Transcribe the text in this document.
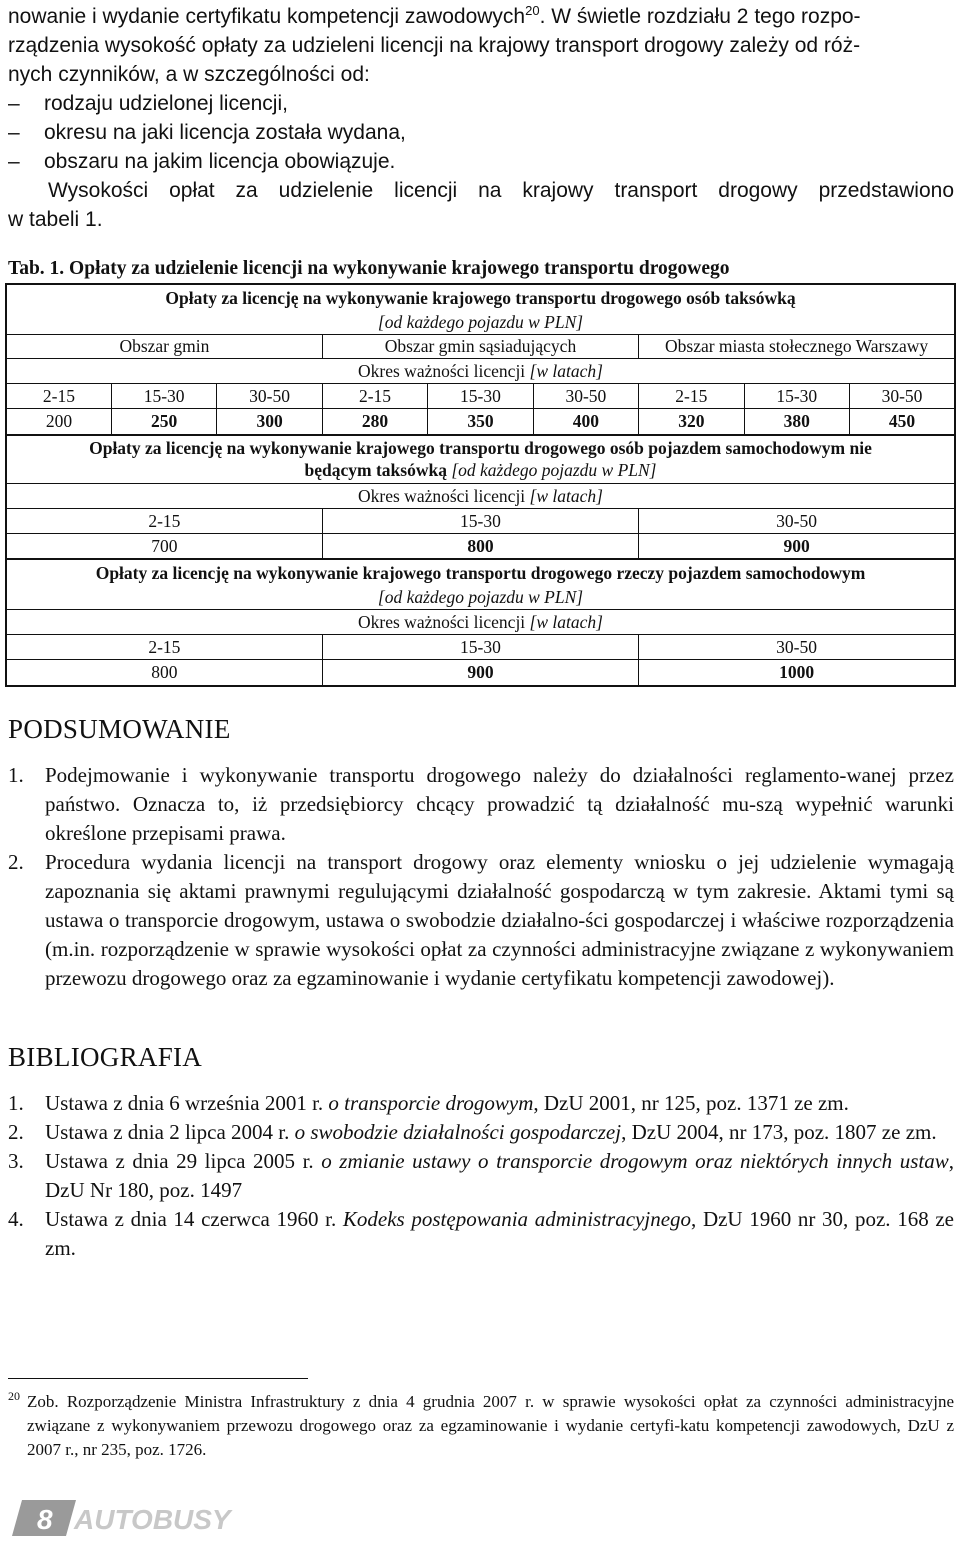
nowanie i wydanie certyfikatu kompetencji zawodowych$^{20}$. W świetle rozdziału 2 tego rozpo-
rządzenia wysokość opłaty za udzieleni licencji na krajowy transport drogowy zależy od róż-
nych czynników, a w szczególności od:
– rodzaju udzielonej licencji,
– okresu na jaki licencja została wydana,
– obszaru na jakim licencja obowiązuje.
Wysokości opłat za udzielenie licencji na krajowy transport drogowy przedstawiono
w tabeli 1.
Tab. 1. Opłaty za udzielenie licencji na wykonywanie krajowego transportu drogowego
Opłaty za licencję na wykonywanie krajowego transportu drogowego osób taksówką								
[od każdego pojazdu w PLN]								
Obszar gmin			Obszar gmin sąsiadujących			Obszar miasta stołecznego Warszawy		
Okres ważności licencji [w latach]								
2-15	15-30	30-50	2-15	15-30	30-50	2-15	15-30	30-50
200	250	300	280	350	400	320	380	450
Opłaty za licencję na wykonywanie krajowego transportu drogowego osób pojazdem samochodowym nie
będącym taksówką [od każdego pojazdu w PLN]								
Okres ważności licencji [w latach]								
2-15			15-30			30-50		
700			800			900		
Opłaty za licencję na wykonywanie krajowego transportu drogowego rzeczy pojazdem samochodowym								
[od każdego pojazdu w PLN]								
Okres ważności licencji [w latach]								
2-15			15-30			30-50		
800			900			1000		
PODSUMOWANIE
1. Podejmowanie i wykonywanie transportu drogowego należy do działalności reglamento-wanej przez państwo. Oznacza to, iż przedsiębiorcy chcący prowadzić tą działalność mu-szą wypełnić warunki określone przepisami prawa.
2. Procedura wydania licencji na transport drogowy oraz elementy wniosku o jej udzielenie wymagają zapoznania się aktami prawnymi regulującymi działalność gospodarczą w tym zakresie. Aktami tymi są ustawa o transporcie drogowym, ustawa o swobodzie działalno-ści gospodarczej i właściwe rozporządzenia (m.in. rozporządzenie w sprawie wysokości opłat za czynności administracyjne związane z wykonywaniem przewozu drogowego oraz za egzaminowanie i wydanie certyfikatu kompetencji zawodowej).
BIBLIOGRAFIA
1. Ustawa z dnia 6 września 2001 r. o transporcie drogowym, DzU 2001, nr 125, poz. 1371 ze zm.
2. Ustawa z dnia 2 lipca 2004 r. o swobodzie działalności gospodarczej, DzU 2004, nr 173, poz. 1807 ze zm.
3. Ustawa z dnia 29 lipca 2005 r. o zmianie ustawy o transporcie drogowym oraz niektórych innych ustaw, DzU Nr 180, poz. 1497
4. Ustawa z dnia 14 czerwca 1960 r. Kodeks postępowania administracyjnego, DzU 1960 nr 30, poz. 168 ze zm.
20 Zob. Rozporządzenie Ministra Infrastruktury z dnia 4 grudnia 2007 r. w sprawie wysokości opłat za czynności administracyjne związane z wykonywaniem przewozu drogowego oraz za egzaminowanie i wydanie certyfi-katu kompetencji zawodowych, DzU z 2007 r., nr 235, poz. 1726.
8 AUTOBUSY
